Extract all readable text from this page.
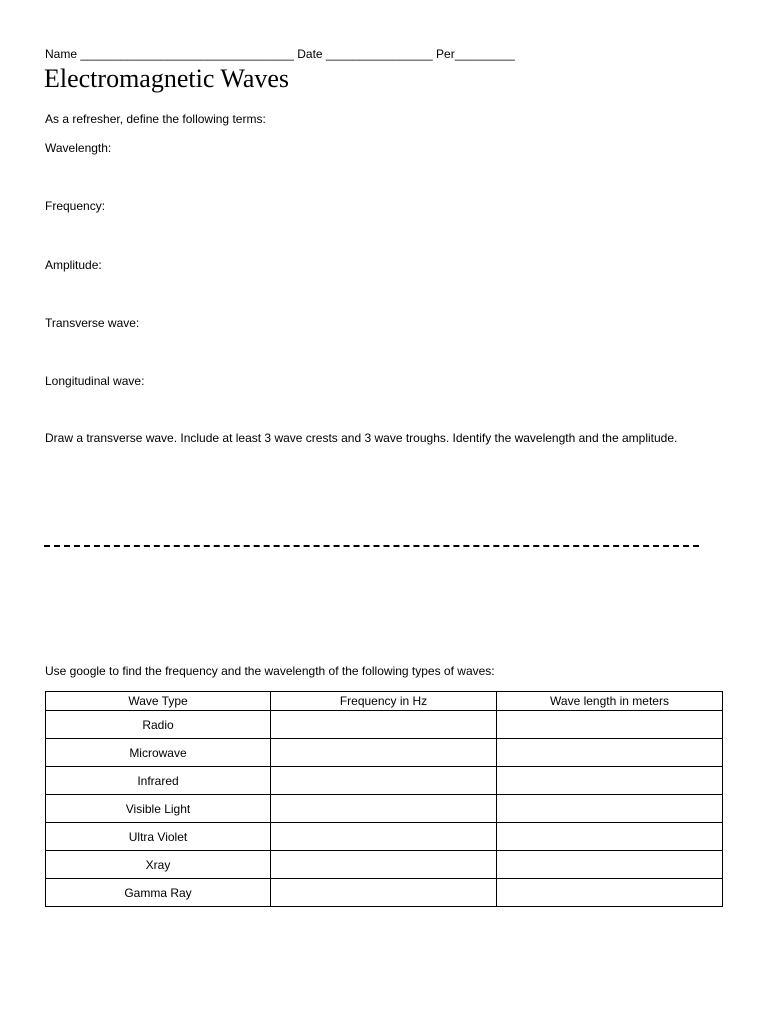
Name ________________________________ Date ________________ Per_________

Electromagnetic Waves

As a refresher, define the following terms:

Wavelength:

Frequency:

Amplitude:

Transverse wave:

Longitudinal wave:

Draw a transverse wave. Include at least 3 wave crests and 3 wave troughs. Identify the wavelength and the amplitude.

Use google to find the frequency and the wavelength of the following types of waves:

Wave Type	Frequency in Hz	Wave length in meters
Radio		
Microwave		
Infrared		
Visible Light		
Ultra Violet		
Xray		
Gamma Ray		
